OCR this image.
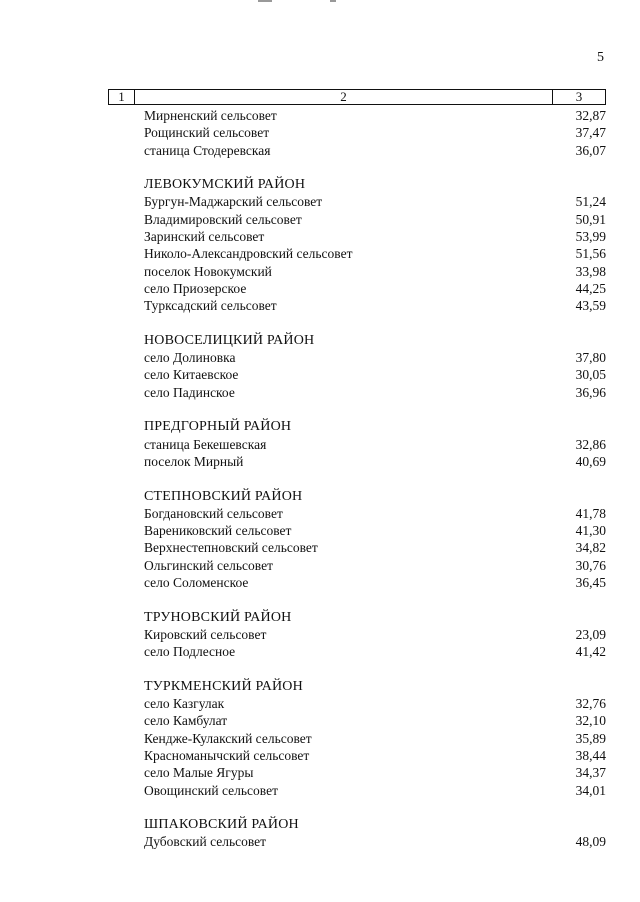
5
1	2	3
Мирненский сельсовет	32,87
Рощинский сельсовет	37,47
станица Стодеревская	36,07
ЛЕВОКУМСКИЙ РАЙОН
Бургун-Маджарский сельсовет	51,24
Владимировский сельсовет	50,91
Заринский сельсовет	53,99
Николо-Александровский сельсовет	51,56
поселок Новокумский	33,98
село Приозерское	44,25
Турксадский сельсовет	43,59
НОВОСЕЛИЦКИЙ РАЙОН
село Долиновка	37,80
село Китаевское	30,05
село Падинское	36,96
ПРЕДГОРНЫЙ РАЙОН
станица Бекешевская	32,86
поселок Мирный	40,69
СТЕПНОВСКИЙ РАЙОН
Богдановский сельсовет	41,78
Варениковский сельсовет	41,30
Верхнестепновский сельсовет	34,82
Ольгинский сельсовет	30,76
село Соломенское	36,45
ТРУНОВСКИЙ РАЙОН
Кировский сельсовет	23,09
село Подлесное	41,42
ТУРКМЕНСКИЙ РАЙОН
село Казгулак	32,76
село Камбулат	32,10
Кендже-Кулакский сельсовет	35,89
Красноманычский сельсовет	38,44
село Малые Ягуры	34,37
Овощинский сельсовет	34,01
ШПАКОВСКИЙ РАЙОН
Дубовский сельсовет	48,09
